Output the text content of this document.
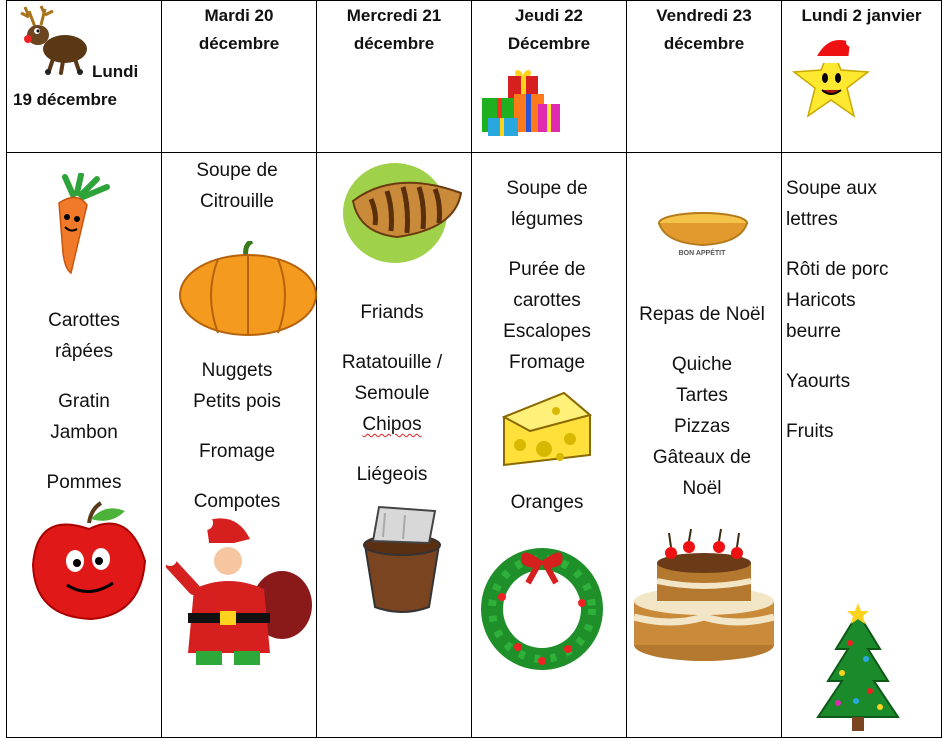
Lundi
19 décembre
Mardi 20
décembre
Mercredi 21
décembre
Jeudi 22
Décembre
Vendredi 23
décembre
Lundi 2 janvier

Carottes

râpées

Gratin

Jambon

Pommes

Soupe de

Citrouille

Nuggets

Petits pois

Fromage

Compotes

Friands

Ratatouille /

Semoule

Chipos

Liégeois

Soupe de

légumes

Purée de

carottes

Escalopes

Fromage

Oranges

BON APPÉTIT

Repas de Noël

Quiche

Tartes

Pizzas

Gâteaux de

Noël

Soupe aux

lettres

Rôti de porc

Haricots

beurre

Yaourts

Fruits
